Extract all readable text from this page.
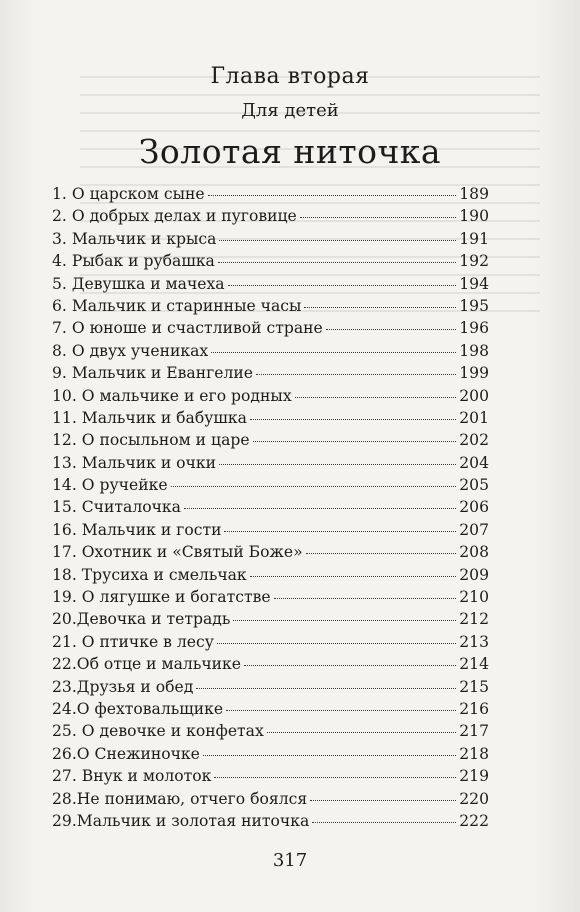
Глава вторая
Для детей
Золотая ниточка
1. О царском сыне	189
2. О добрых делах и пуговице	190
3. Мальчик и крыса	191
4. Рыбак и рубашка	192
5. Девушка и мачеха	194
6. Мальчик и старинные часы	195
7. О юноше и счастливой стране	196
8. О двух учениках	198
9. Мальчик и Евангелие	199
10. О мальчике и его родных	200
11. Мальчик и бабушка	201
12. О посыльном и царе	202
13. Мальчик и очки	204
14. О ручейке	205
15. Считалочка	206
16. Мальчик и гости	207
17. Охотник и «Святый Боже»	208
18. Трусиха и смельчак	209
19. О лягушке и богатстве	210
20.Девочка и тетрадь	212
21. О птичке в лесу	213
22.Об отце и мальчике	214
23.Друзья и обед	215
24.О фехтовальщике	216
25. О девочке и конфетах	217
26.О Снежиночке	218
27. Внук и молоток	219
28.Не понимаю, отчего боялся	220
29.Мальчик и золотая ниточка	222
317
